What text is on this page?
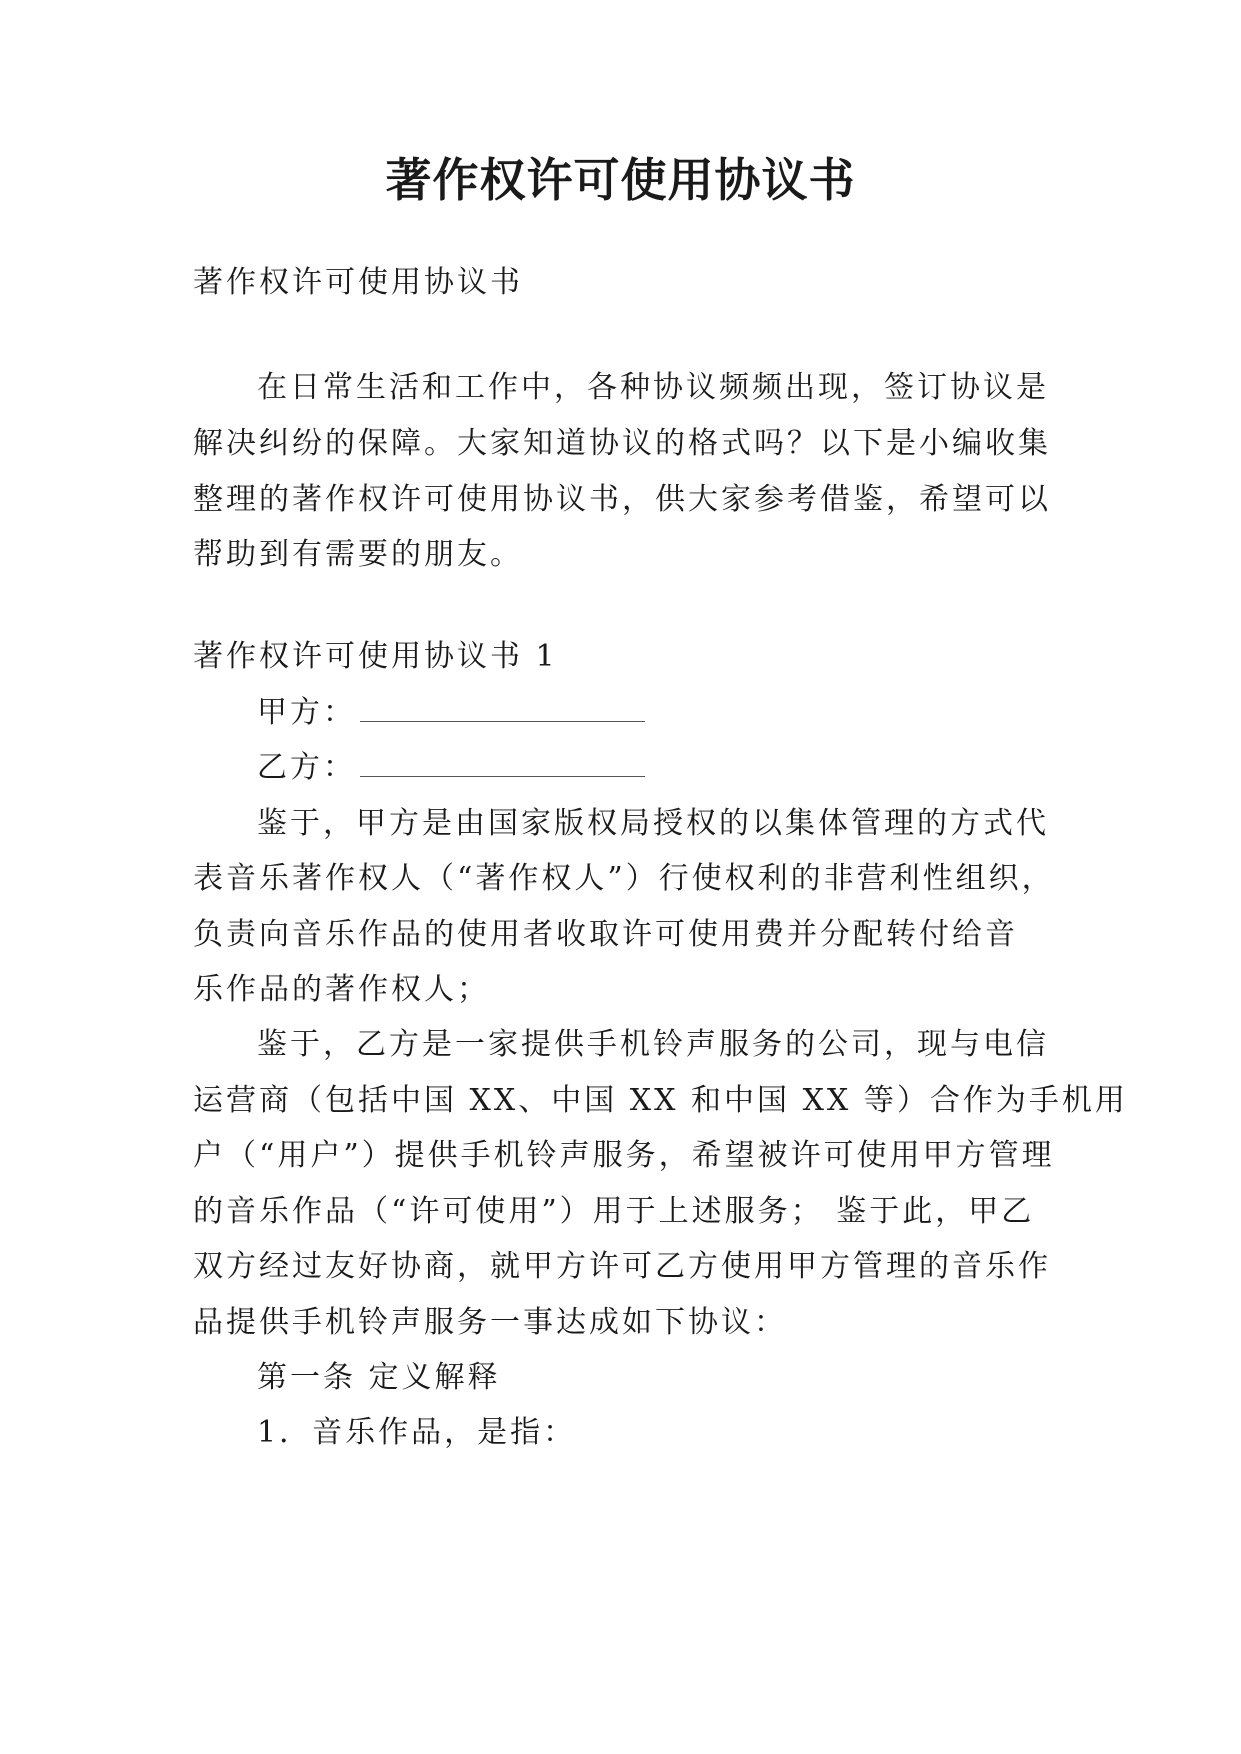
著作权许可使用协议书
著作权许可使用协议书
在日常生活和工作中，各种协议频频出现，签订协议是
解决纠纷的保障。大家知道协议的格式吗？以下是小编收集
整理的著作权许可使用协议书，供大家参考借鉴，希望可以
帮助到有需要的朋友。
著作权许可使用协议书 1
甲方：
乙方：
鉴于，甲方是由国家版权局授权的以集体管理的方式代
表音乐著作权人（“著作权人”）行使权利的非营利性组织，
负责向音乐作品的使用者收取许可使用费并分配转付给音
乐作品的著作权人；
鉴于，乙方是一家提供手机铃声服务的公司，现与电信
运营商（包括中国 XX、中国 XX 和中国 XX 等）合作为手机用
户（“用户”）提供手机铃声服务，希望被许可使用甲方管理
的音乐作品（“许可使用”）用于上述服务； 鉴于此，甲乙
双方经过友好协商，就甲方许可乙方使用甲方管理的音乐作
品提供手机铃声服务一事达成如下协议：
第一条 定义解释
1．音乐作品，是指：
